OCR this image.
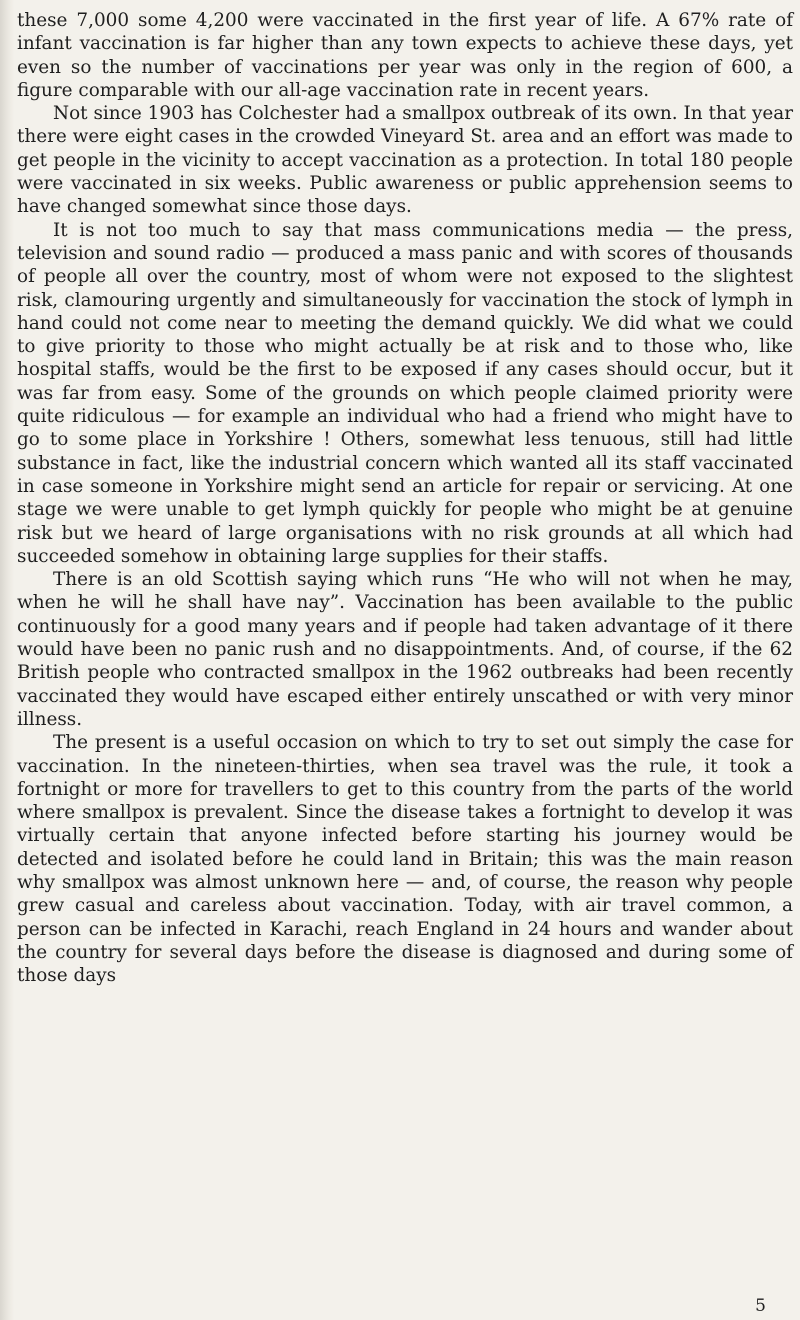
these 7,000 some 4,200 were vaccinated in the first year of life. A 67% rate of infant vaccination is far higher than any town expects to achieve these days, yet even so the number of vaccinations per year was only in the region of 600, a figure comparable with our all-age vaccination rate in recent years.

Not since 1903 has Colchester had a smallpox outbreak of its own. In that year there were eight cases in the crowded Vineyard St. area and an effort was made to get people in the vicinity to accept vaccination as a protection. In total 180 people were vaccinated in six weeks. Public awareness or public apprehension seems to have changed somewhat since those days.

It is not too much to say that mass communications media — the press, television and sound radio — produced a mass panic and with scores of thousands of people all over the country, most of whom were not exposed to the slightest risk, clamouring urgently and simultaneously for vaccination the stock of lymph in hand could not come near to meeting the demand quickly. We did what we could to give priority to those who might actually be at risk and to those who, like hospital staffs, would be the first to be exposed if any cases should occur, but it was far from easy. Some of the grounds on which people claimed priority were quite ridiculous — for example an individual who had a friend who might have to go to some place in Yorkshire ! Others, somewhat less tenuous, still had little substance in fact, like the industrial concern which wanted all its staff vaccinated in case someone in Yorkshire might send an article for repair or servicing. At one stage we were unable to get lymph quickly for people who might be at genuine risk but we heard of large organisations with no risk grounds at all which had succeeded somehow in obtaining large supplies for their staffs.

There is an old Scottish saying which runs “He who will not when he may, when he will he shall have nay”. Vaccination has been available to the public continuously for a good many years and if people had taken advantage of it there would have been no panic rush and no disappointments. And, of course, if the 62 British people who contracted smallpox in the 1962 outbreaks had been recently vaccinated they would have escaped either entirely unscathed or with very minor illness.

The present is a useful occasion on which to try to set out simply the case for vaccination. In the nineteen-thirties, when sea travel was the rule, it took a fortnight or more for travellers to get to this country from the parts of the world where smallpox is prevalent. Since the disease takes a fortnight to develop it was virtually certain that anyone infected before starting his journey would be detected and isolated before he could land in Britain; this was the main reason why smallpox was almost unknown here — and, of course, the reason why people grew casual and careless about vaccination. Today, with air travel common, a person can be infected in Karachi, reach England in 24 hours and wander about the country for several days before the disease is diagnosed and during some of those days

5
